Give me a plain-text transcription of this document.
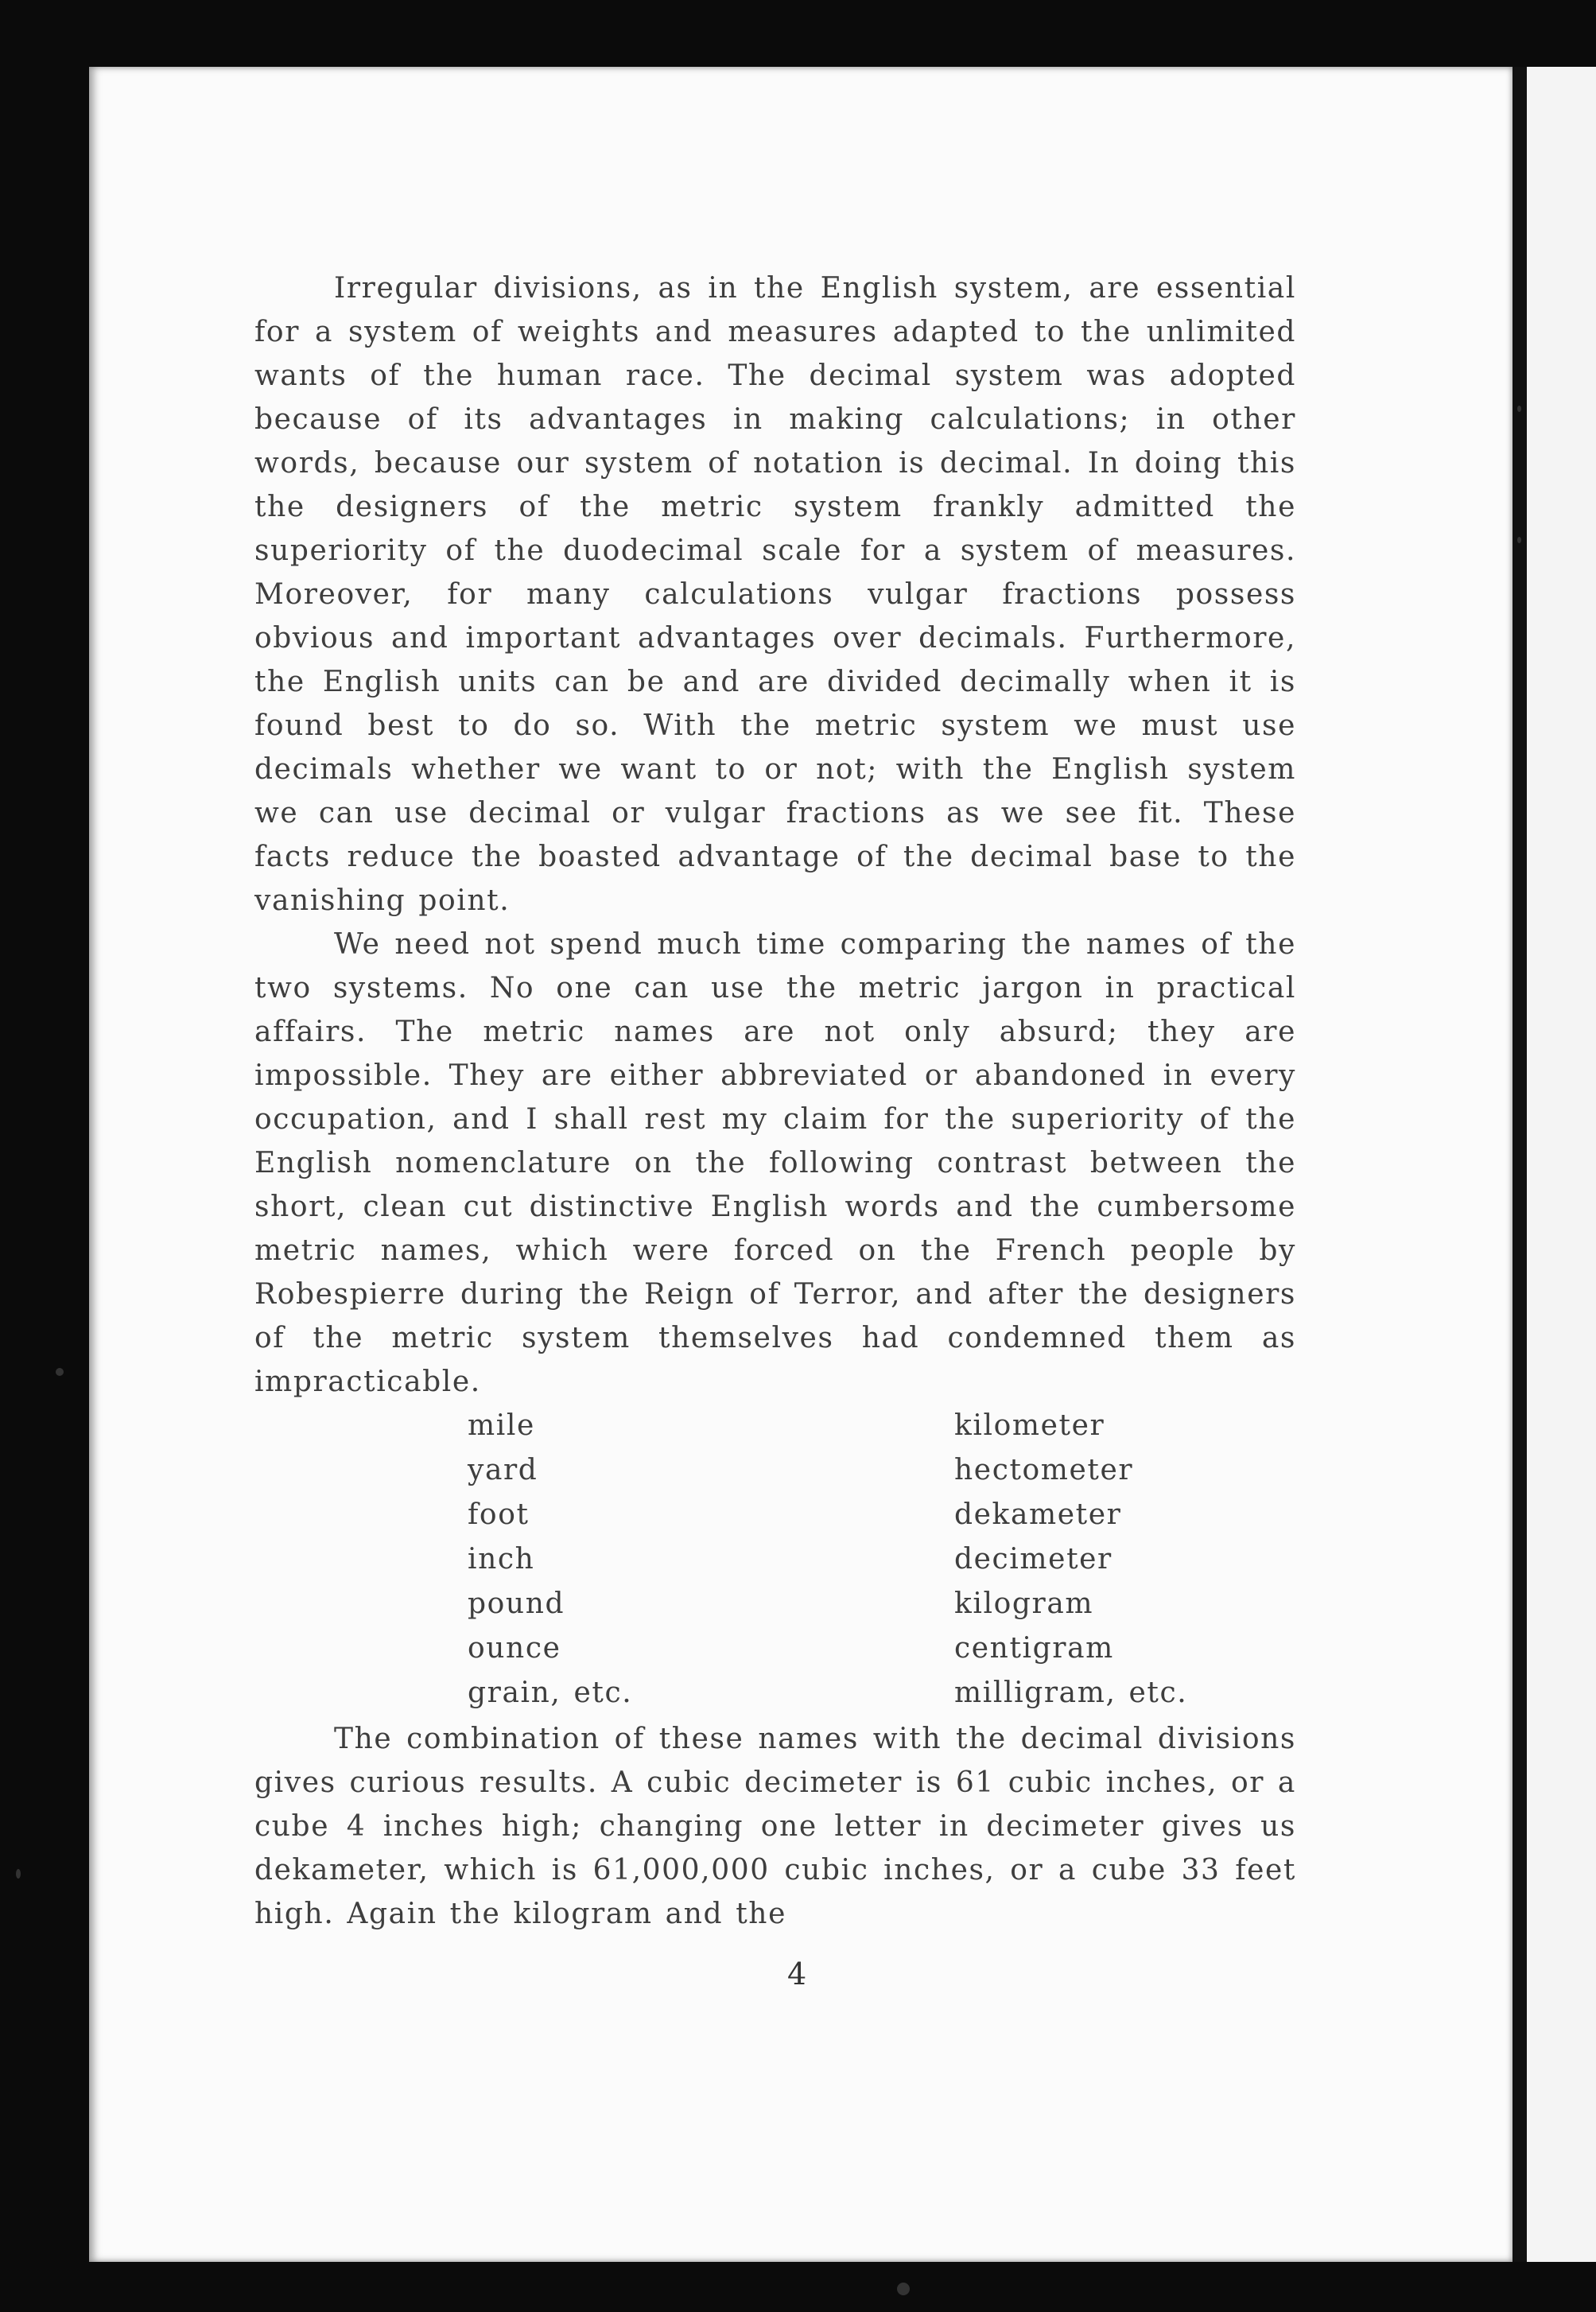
Irregular divisions, as in the English system, are essential for a system of weights and measures adapted to the unlimited wants of the human race. The decimal system was adopted because of its advantages in making calculations; in other words, because our system of notation is decimal. In doing this the designers of the metric system frankly admitted the superiority of the duodecimal scale for a system of measures. Moreover, for many calculations vulgar fractions possess obvious and important advantages over decimals. Furthermore, the English units can be and are divided decimally when it is found best to do so. With the metric system we must use decimals whether we want to or not; with the English system we can use decimal or vulgar fractions as we see fit. These facts reduce the boasted advantage of the decimal base to the vanishing point.

We need not spend much time comparing the names of the two systems. No one can use the metric jargon in practical affairs. The metric names are not only absurd; they are impossible. They are either abbreviated or abandoned in every occupation, and I shall rest my claim for the superiority of the English nomenclature on the following contrast between the short, clean cut distinctive English words and the cumbersome metric names, which were forced on the French people by Robespierre during the Reign of Terror, and after the designers of the metric system themselves had condemned them as impracticable.

mile
yard
foot
inch
pound
ounce
grain, etc.
kilometer
hectometer
dekameter
decimeter
kilogram
centigram
milligram, etc.

The combination of these names with the decimal divisions gives curious results. A cubic decimeter is 61 cubic inches, or a cube 4 inches high; changing one letter in decimeter gives us dekameter, which is 61,000,000 cubic inches, or a cube 33 feet high. Again the kilogram and the

4
